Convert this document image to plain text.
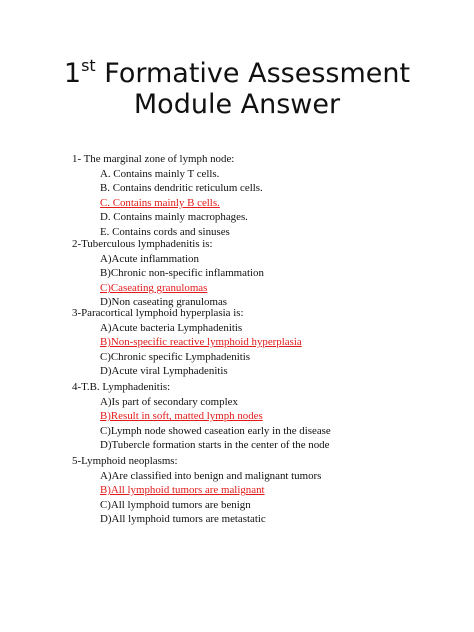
1st Formative Assessment
Module Answer
1- The marginal zone of lymph node:
A. Contains mainly T cells.
B. Contains dendritic reticulum cells.
C. Contains mainly B cells.
D. Contains mainly macrophages.
E. Contains cords and sinuses
2-Tuberculous lymphadenitis is:
A)Acute inflammation
B)Chronic non-specific inflammation
C)Caseating granulomas
D)Non caseating granulomas
3-Paracortical lymphoid hyperplasia is:
A)Acute bacteria Lymphadenitis
B)Non-specific reactive lymphoid hyperplasia
C)Chronic specific Lymphadenitis
D)Acute viral Lymphadenitis
4-T.B. Lymphadenitis:
A)Is part of secondary complex
B)Result in soft, matted lymph nodes
C)Lymph node showed caseation early in the disease
D)Tubercle formation starts in the center of the node
5-Lymphoid neoplasms:
A)Are classified into benign and malignant tumors
B)All lymphoid tumors are malignant
C)All lymphoid tumors are benign
D)All lymphoid tumors are metastatic
